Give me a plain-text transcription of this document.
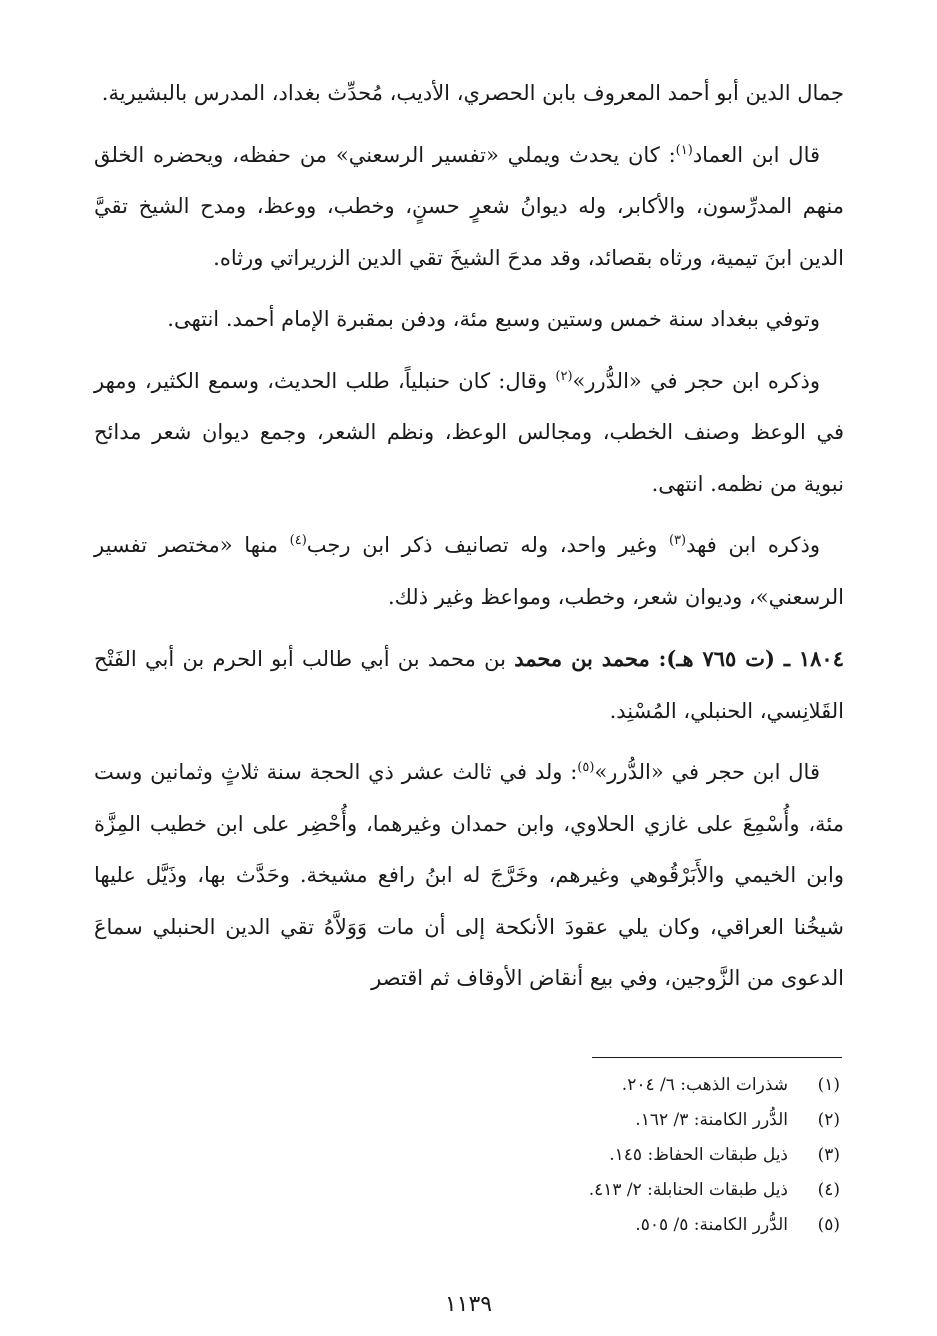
جمال الدين أبو أحمد المعروف بابن الحصري، الأديب، مُحدِّث بغداد، المدرس بالبشيرية.

قال ابن العماد$^{(١)}$: كان يحدث ويملي «تفسير الرسعني» من حفظه، ويحضره الخلق منهم المدرِّسون، والأكابر، وله ديوانُ شعرٍ حسنٍ، وخطب، ووعظ، ومدح الشيخ تقيَّ الدين ابنَ تيمية، ورثاه بقصائد، وقد مدحَ الشيخَ تقي الدين الزريراتي ورثاه.

وتوفي ببغداد سنة خمس وستين وسبع مئة، ودفن بمقبرة الإمام أحمد. انتهى.

وذكره ابن حجر في «الدُّرر»$^{(٢)}$ وقال: كان حنبلياً، طلب الحديث، وسمع الكثير، ومهر في الوعظ وصنف الخطب، ومجالس الوعظ، ونظم الشعر، وجمع ديوان شعر مدائح نبوية من نظمه. انتهى.

وذكره ابن فهد$^{(٣)}$ وغير واحد، وله تصانيف ذكر ابن رجب$^{(٤)}$ منها «مختصر تفسير الرسعني»، وديوان شعر، وخطب، ومواعظ وغير ذلك.

١٨٠٤ ـ (ت ٧٦٥ هـ): محمد بن محمد بن محمد بن أبي طالب أبو الحرم بن أبي الفَتْح القَلانِسي، الحنبلي، المُسْنِد.

قال ابن حجر في «الدُّرر»$^{(٥)}$: ولد في ثالث عشر ذي الحجة سنة ثلاثٍ وثمانين وست مئة، وأُسْمِعَ على غازي الحلاوي، وابن حمدان وغيرهما، وأُحْضِر على ابن خطيب المِزَّة وابن الخيمي والأَبَرْقُوهي وغيرهم، وخَرَّجَ له ابنُ رافع مشيخة. وحَدَّث بها، وذَيَّل عليها شيخُنا العراقي، وكان يلي عقودَ الأنكحة إلى أن مات وَوَلاَّهُ تقي الدين الحنبلي سماعَ الدعوى من الزَّوجين، وفي بيع أنقاض الأوقاف ثم اقتصر

(١)
شذرات الذهب: ٦/ ٢٠٤.
(٢)
الدُّرر الكامنة: ٣/ ١٦٢.
(٣)
ذيل طبقات الحفاظ: ١٤٥.
(٤)
ذيل طبقات الحنابلة: ٢/ ٤١٣.
(٥)
الدُّرر الكامنة: ٥/ ٥٠٥.
١١٣٩
